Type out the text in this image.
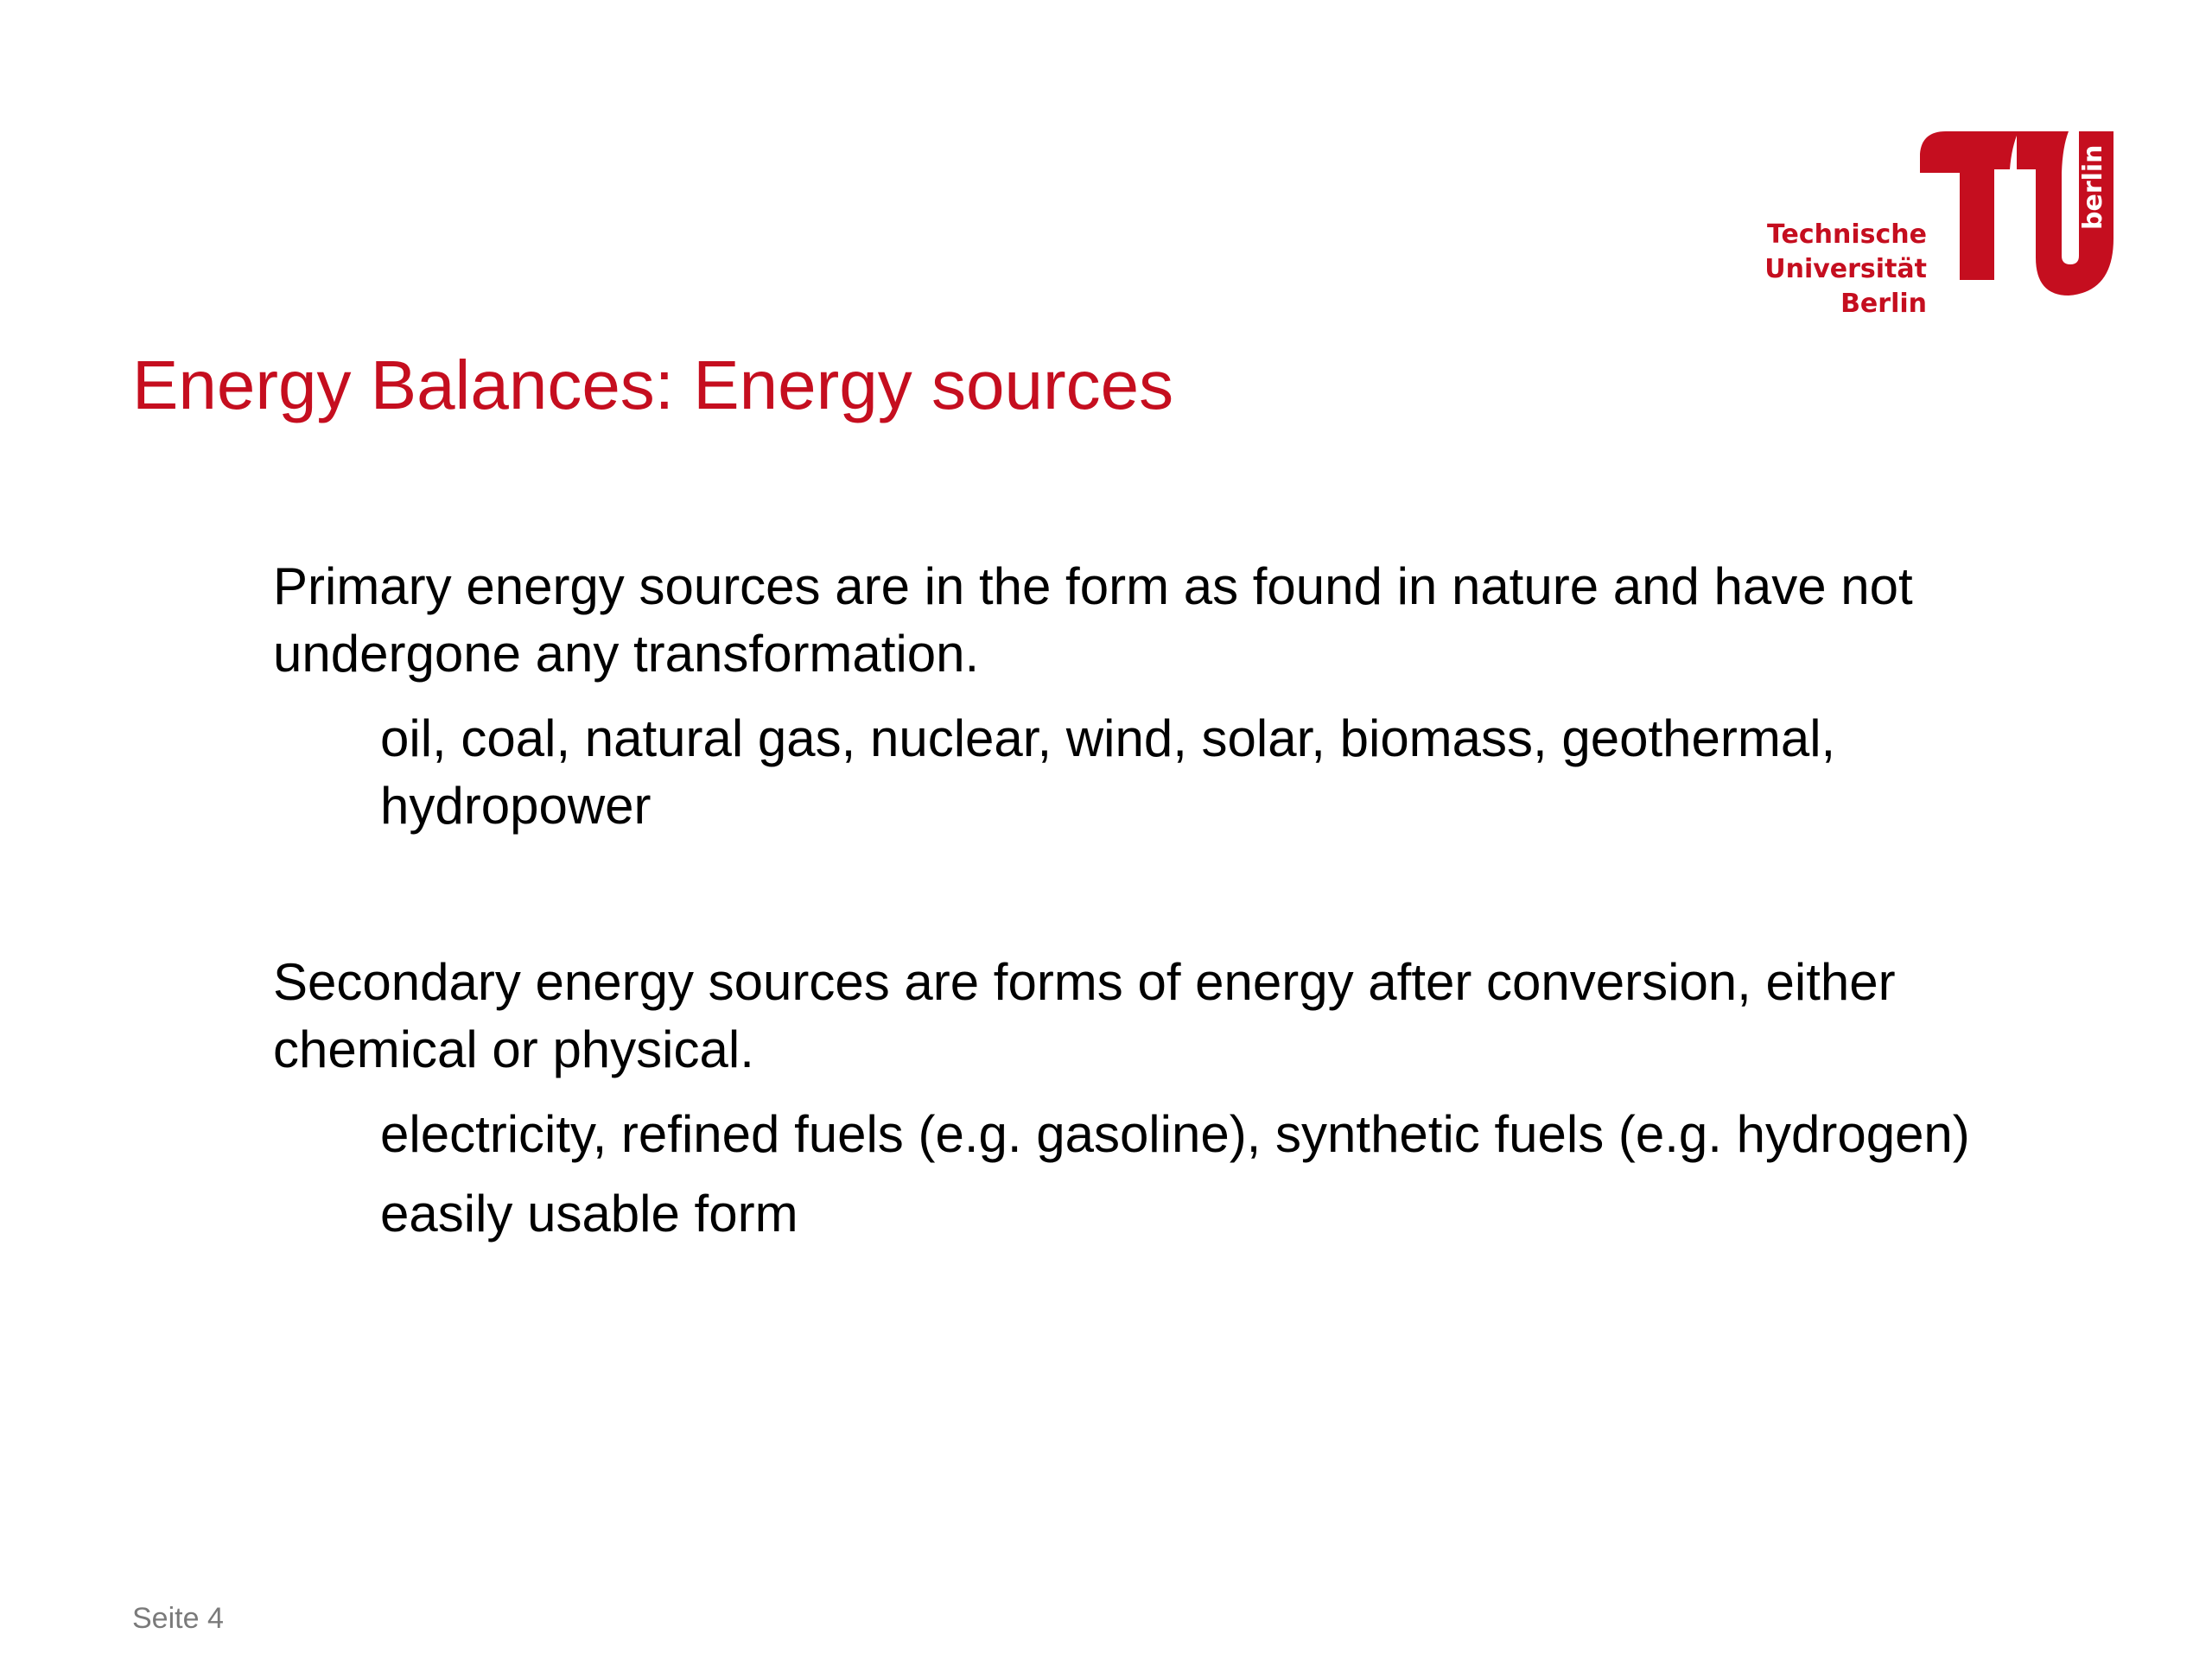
Technische
Universität
Berlin
berlin
Energy Balances: Energy sources

Primary energy sources are in the form as found in nature and have not undergone any transformation.

oil, coal, natural gas, nuclear, wind, solar, biomass, geothermal, hydropower

Secondary energy sources are forms of energy after conversion, either chemical or physical.

electricity, refined fuels (e.g. gasoline), synthetic fuels (e.g. hydrogen)

easily usable form

Seite 4
